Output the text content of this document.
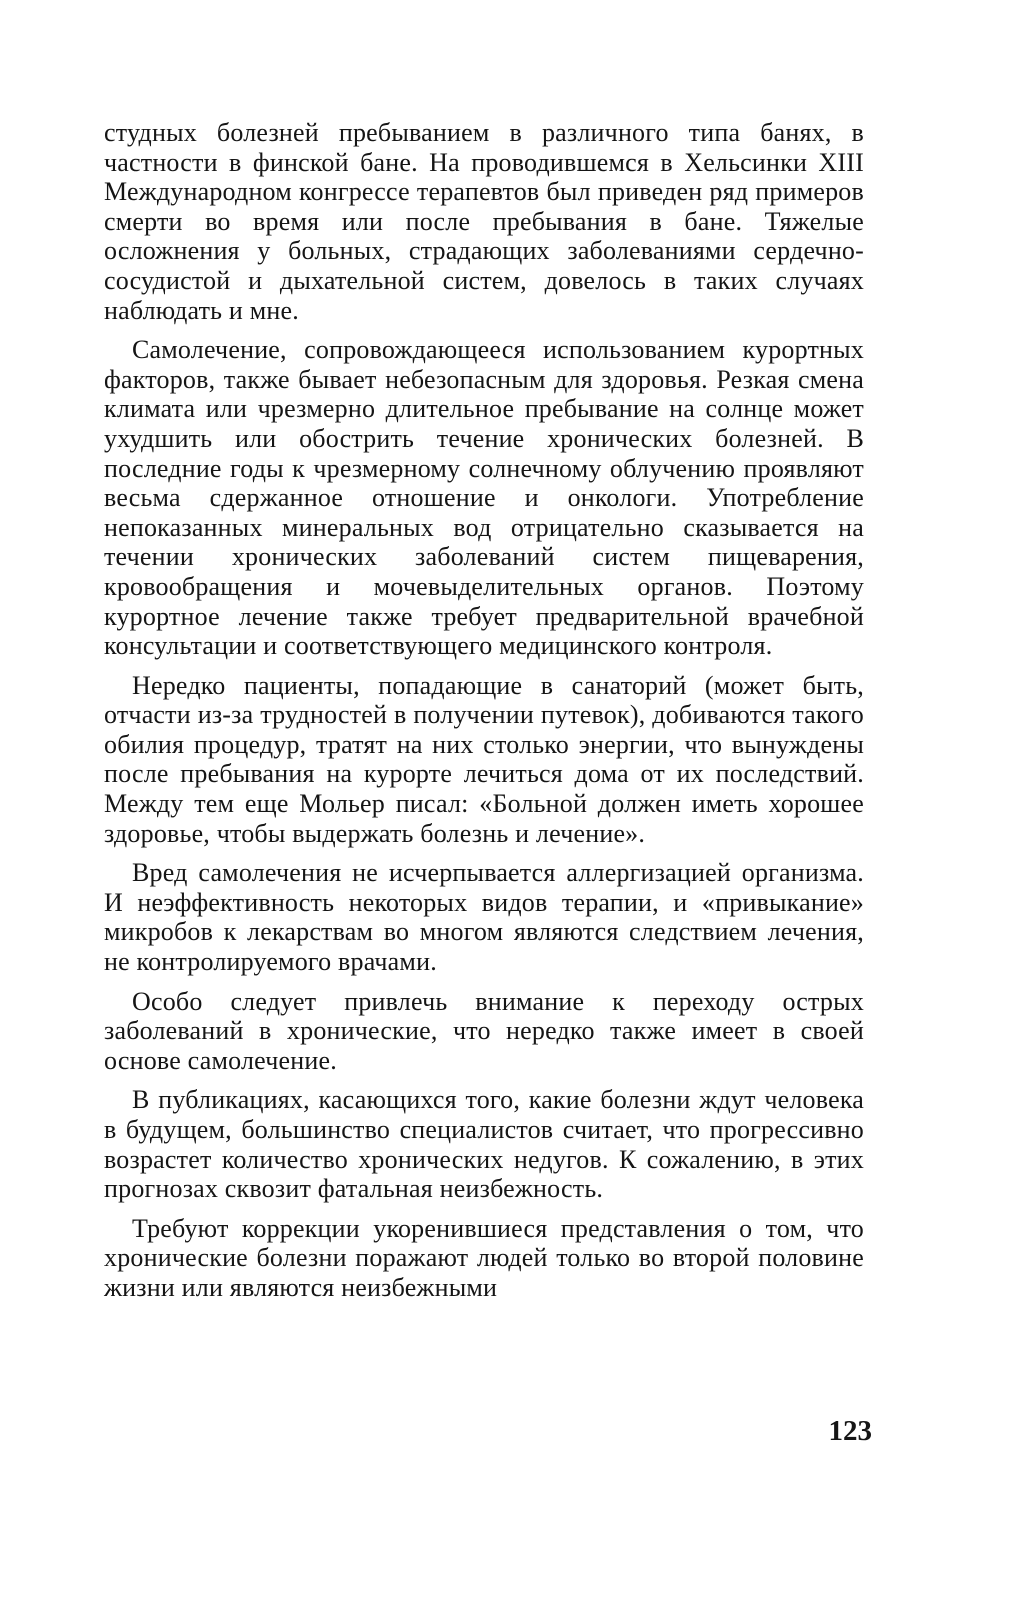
студных болезней пребыванием в различного типа банях, в частности в финской бане. На проводившемся в Хельсинки XIII Международном конгрессе терапевтов был приведен ряд примеров смерти во время или после пребывания в бане. Тяжелые осложнения у больных, страдающих заболеваниями сердечно-сосудистой и дыхательной систем, довелось в таких случаях наблюдать и мне.

Самолечение, сопровождающееся использованием курортных факторов, также бывает небезопасным для здоровья. Резкая смена климата или чрезмерно длительное пребывание на солнце может ухудшить или обострить течение хронических болезней. В последние годы к чрезмерному солнечному облучению проявляют весьма сдержанное отношение и онкологи. Употребление непоказанных минеральных вод отрицательно сказывается на течении хронических заболеваний систем пищеварения, кровообращения и мочевыделительных органов. Поэтому курортное лечение также требует предварительной врачебной консультации и соответствующего медицинского контроля.

Нередко пациенты, попадающие в санаторий (может быть, отчасти из-за трудностей в получении путевок), добиваются такого обилия процедур, тратят на них столько энергии, что вынуждены после пребывания на курорте лечиться дома от их последствий. Между тем еще Мольер писал: «Больной должен иметь хорошее здоровье, чтобы выдержать болезнь и лечение».

Вред самолечения не исчерпывается аллергизацией организма. И неэффективность некоторых видов терапии, и «привыкание» микробов к лекарствам во многом являются следствием лечения, не контролируемого врачами.

Особо следует привлечь внимание к переходу острых заболеваний в хронические, что нередко также имеет в своей основе самолечение.

В публикациях, касающихся того, какие болезни ждут человека в будущем, большинство специалистов считает, что прогрессивно возрастет количество хронических недугов. К сожалению, в этих прогнозах сквозит фатальная неизбежность.

Требуют коррекции укоренившиеся представления о том, что хронические болезни поражают людей только во второй половине жизни или являются неизбежными

123
